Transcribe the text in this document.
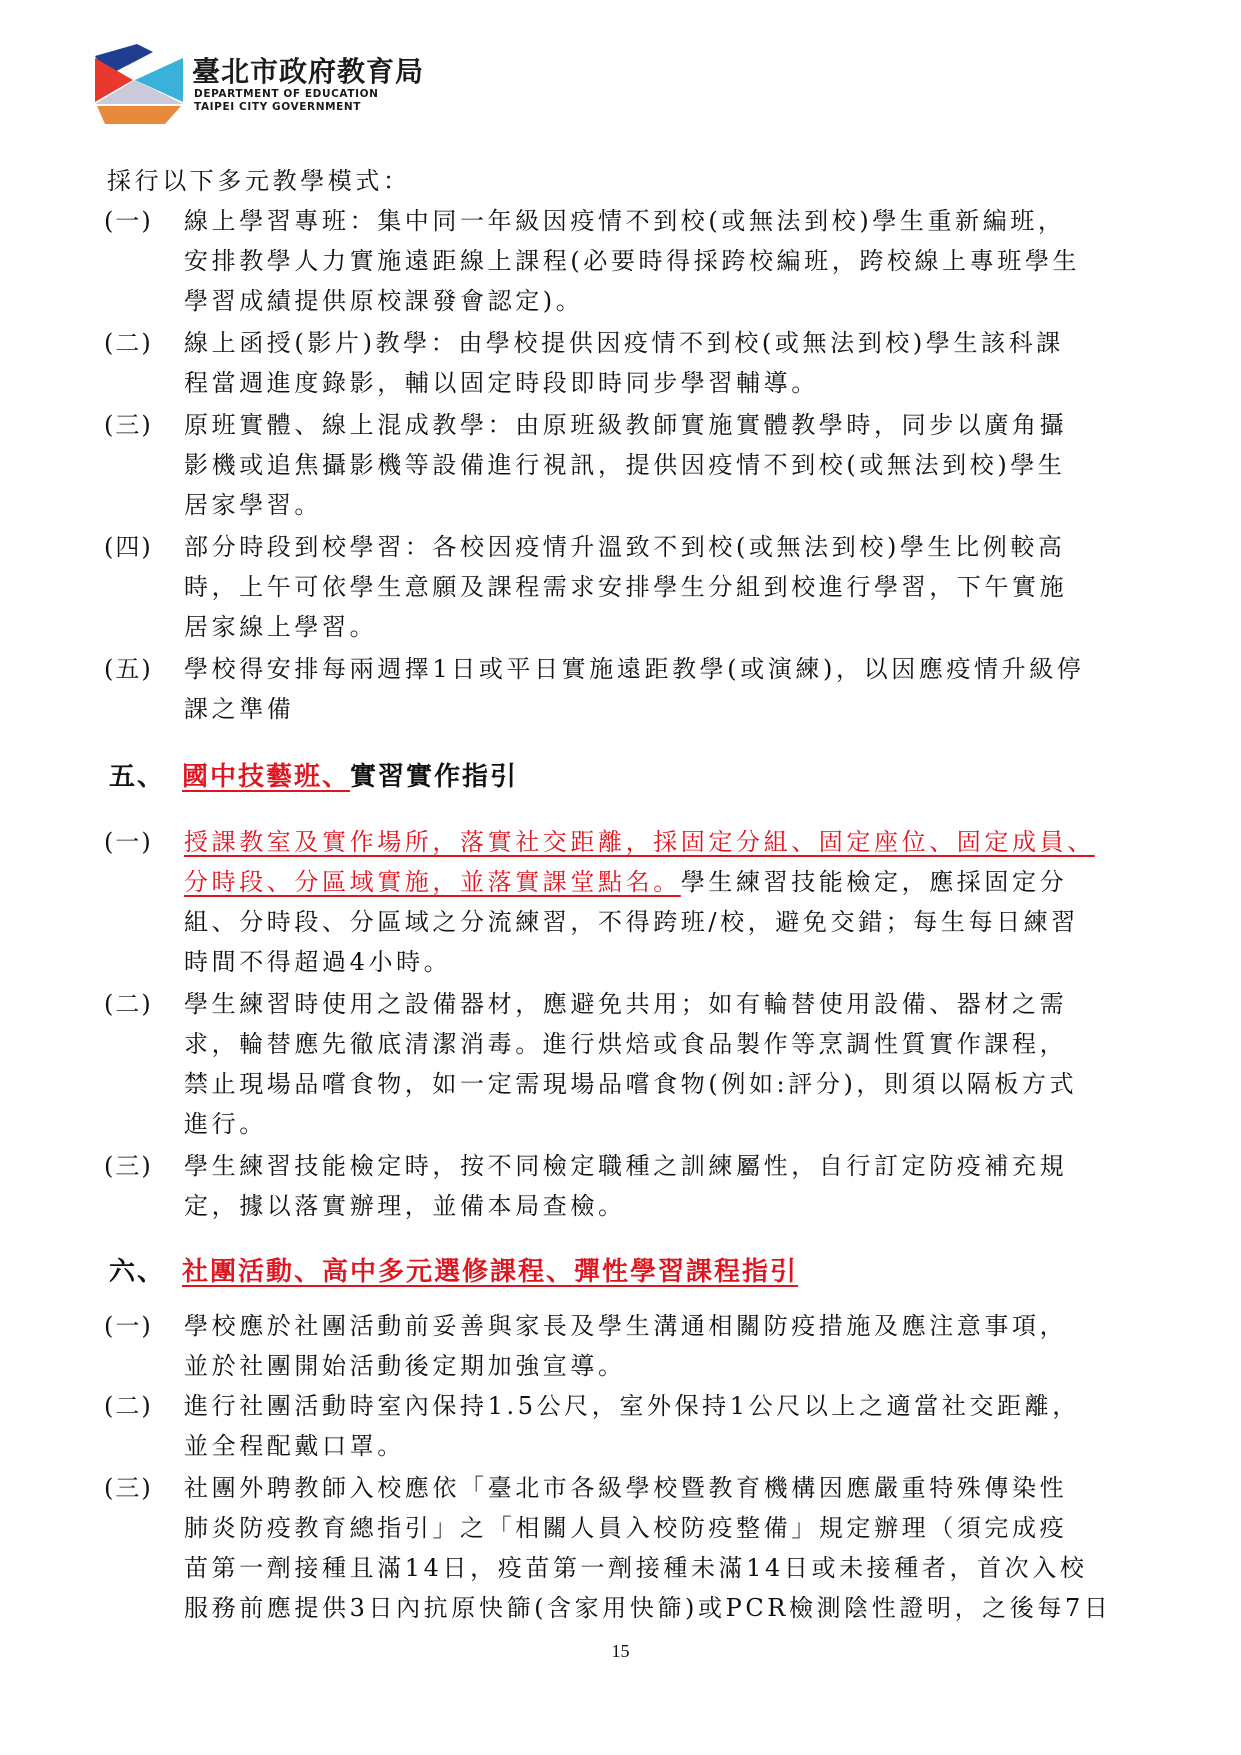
臺北市政府教育局
DEPARTMENT OF EDUCATION
TAIPEI CITY GOVERNMENT
採行以下多元教學模式：
(一) 線上學習專班：集中同一年級因疫情不到校(或無法到校)學生重新編班，
安排教學人力實施遠距線上課程(必要時得採跨校編班，跨校線上專班學生
學習成績提供原校課發會認定)。
(二) 線上函授(影片)教學：由學校提供因疫情不到校(或無法到校)學生該科課
程當週進度錄影，輔以固定時段即時同步學習輔導。
(三) 原班實體、線上混成教學：由原班級教師實施實體教學時，同步以廣角攝
影機或追焦攝影機等設備進行視訊，提供因疫情不到校(或無法到校)學生
居家學習。
(四) 部分時段到校學習：各校因疫情升溫致不到校(或無法到校)學生比例較高
時，上午可依學生意願及課程需求安排學生分組到校進行學習，下午實施
居家線上學習。
(五) 學校得安排每兩週擇1日或平日實施遠距教學(或演練)，以因應疫情升級停
課之準備
五、 國中技藝班、實習實作指引
(一) 授課教室及實作場所，落實社交距離，採固定分組、固定座位、固定成員、
分時段、分區域實施，並落實課堂點名。學生練習技能檢定，應採固定分
組、分時段、分區域之分流練習，不得跨班/校，避免交錯；每生每日練習
時間不得超過4小時。
(二) 學生練習時使用之設備器材，應避免共用；如有輪替使用設備、器材之需
求，輪替應先徹底清潔消毒。進行烘焙或食品製作等烹調性質實作課程，
禁止現場品嚐食物，如一定需現場品嚐食物(例如:評分)，則須以隔板方式
進行。
(三) 學生練習技能檢定時，按不同檢定職種之訓練屬性，自行訂定防疫補充規
定，據以落實辦理，並備本局查檢。
六、 社團活動、高中多元選修課程、彈性學習課程指引
(一) 學校應於社團活動前妥善與家長及學生溝通相關防疫措施及應注意事項，
並於社團開始活動後定期加強宣導。
(二) 進行社團活動時室內保持1.5公尺，室外保持1公尺以上之適當社交距離，
並全程配戴口罩。
(三) 社團外聘教師入校應依「臺北市各級學校暨教育機構因應嚴重特殊傳染性
肺炎防疫教育總指引」之「相關人員入校防疫整備」規定辦理（須完成疫
苗第一劑接種且滿14日，疫苗第一劑接種未滿14日或未接種者，首次入校
服務前應提供3日內抗原快篩(含家用快篩)或PCR檢測陰性證明，之後每7日
15
